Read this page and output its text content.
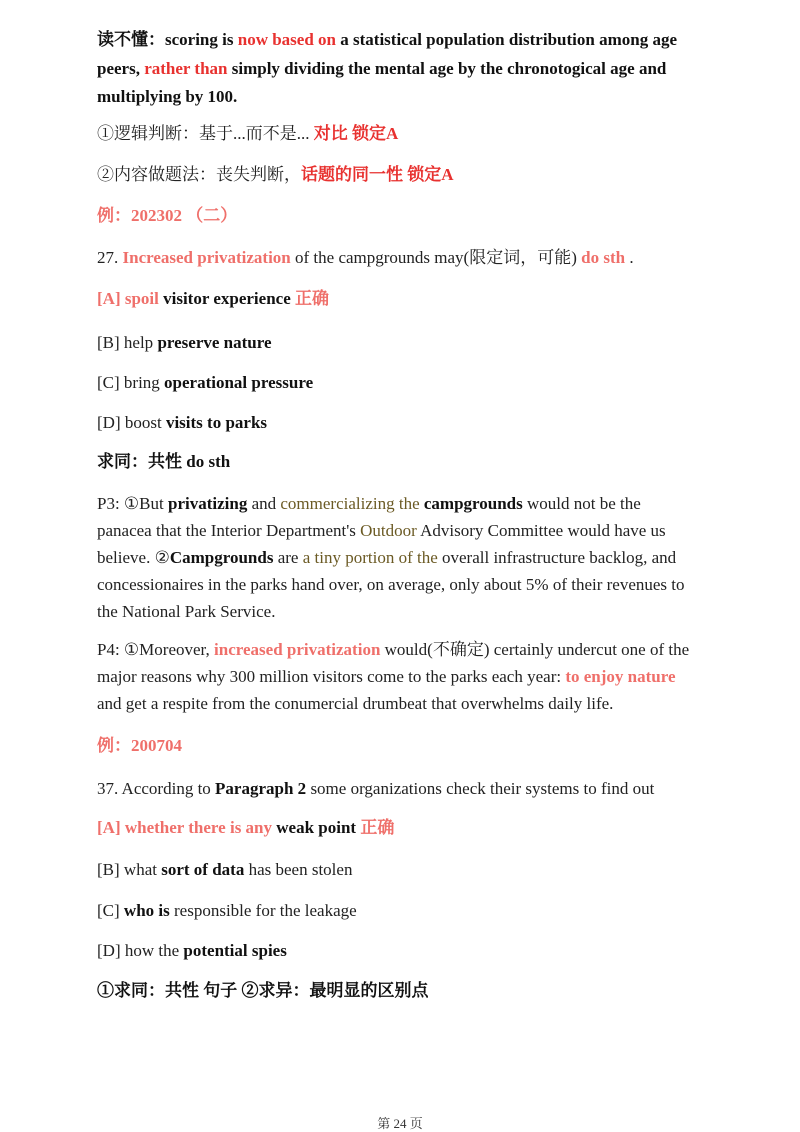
读不懂：scoring is now based on a statistical population distribution among age
peers, rather than simply dividing the mental age by the chronotogical age and
multiplying by 100.
①逻辑判断：基于...而不是... 对比 锁定A
②内容做题法：丧失判断，话题的同一性 锁定A
例：202302 （二）
27. Increased privatization of the campgrounds may(限定词，可能) do sth .
[A] spoil visitor experience 正确
[B] help preserve nature
[C] bring operational pressure
[D] boost visits to parks
求同：共性 do sth
P3: ①But privatizing and commercializing the campgrounds would not be the
panacea that the Interior Department's Outdoor Advisory Committee would have us
believe. ②Campgrounds are a tiny portion of the overall infrastructure backlog, and
concessionaires in the parks hand over, on average, only about 5% of their revenues to
the National Park Service.
P4: ①Moreover, increased privatization would(不确定) certainly undercut one of the
major reasons why 300 million visitors come to the parks each year: to enjoy nature
and get a respite from the conumercial drumbeat that overwhelms daily life.
例：200704
37. According to Paragraph 2 some organizations check their systems to find out
[A] whether there is any weak point 正确
[B] what sort of data has been stolen
[C] who is responsible for the leakage
[D] how the potential spies
①求同：共性 句子 ②求异：最明显的区别点
第 24 页
